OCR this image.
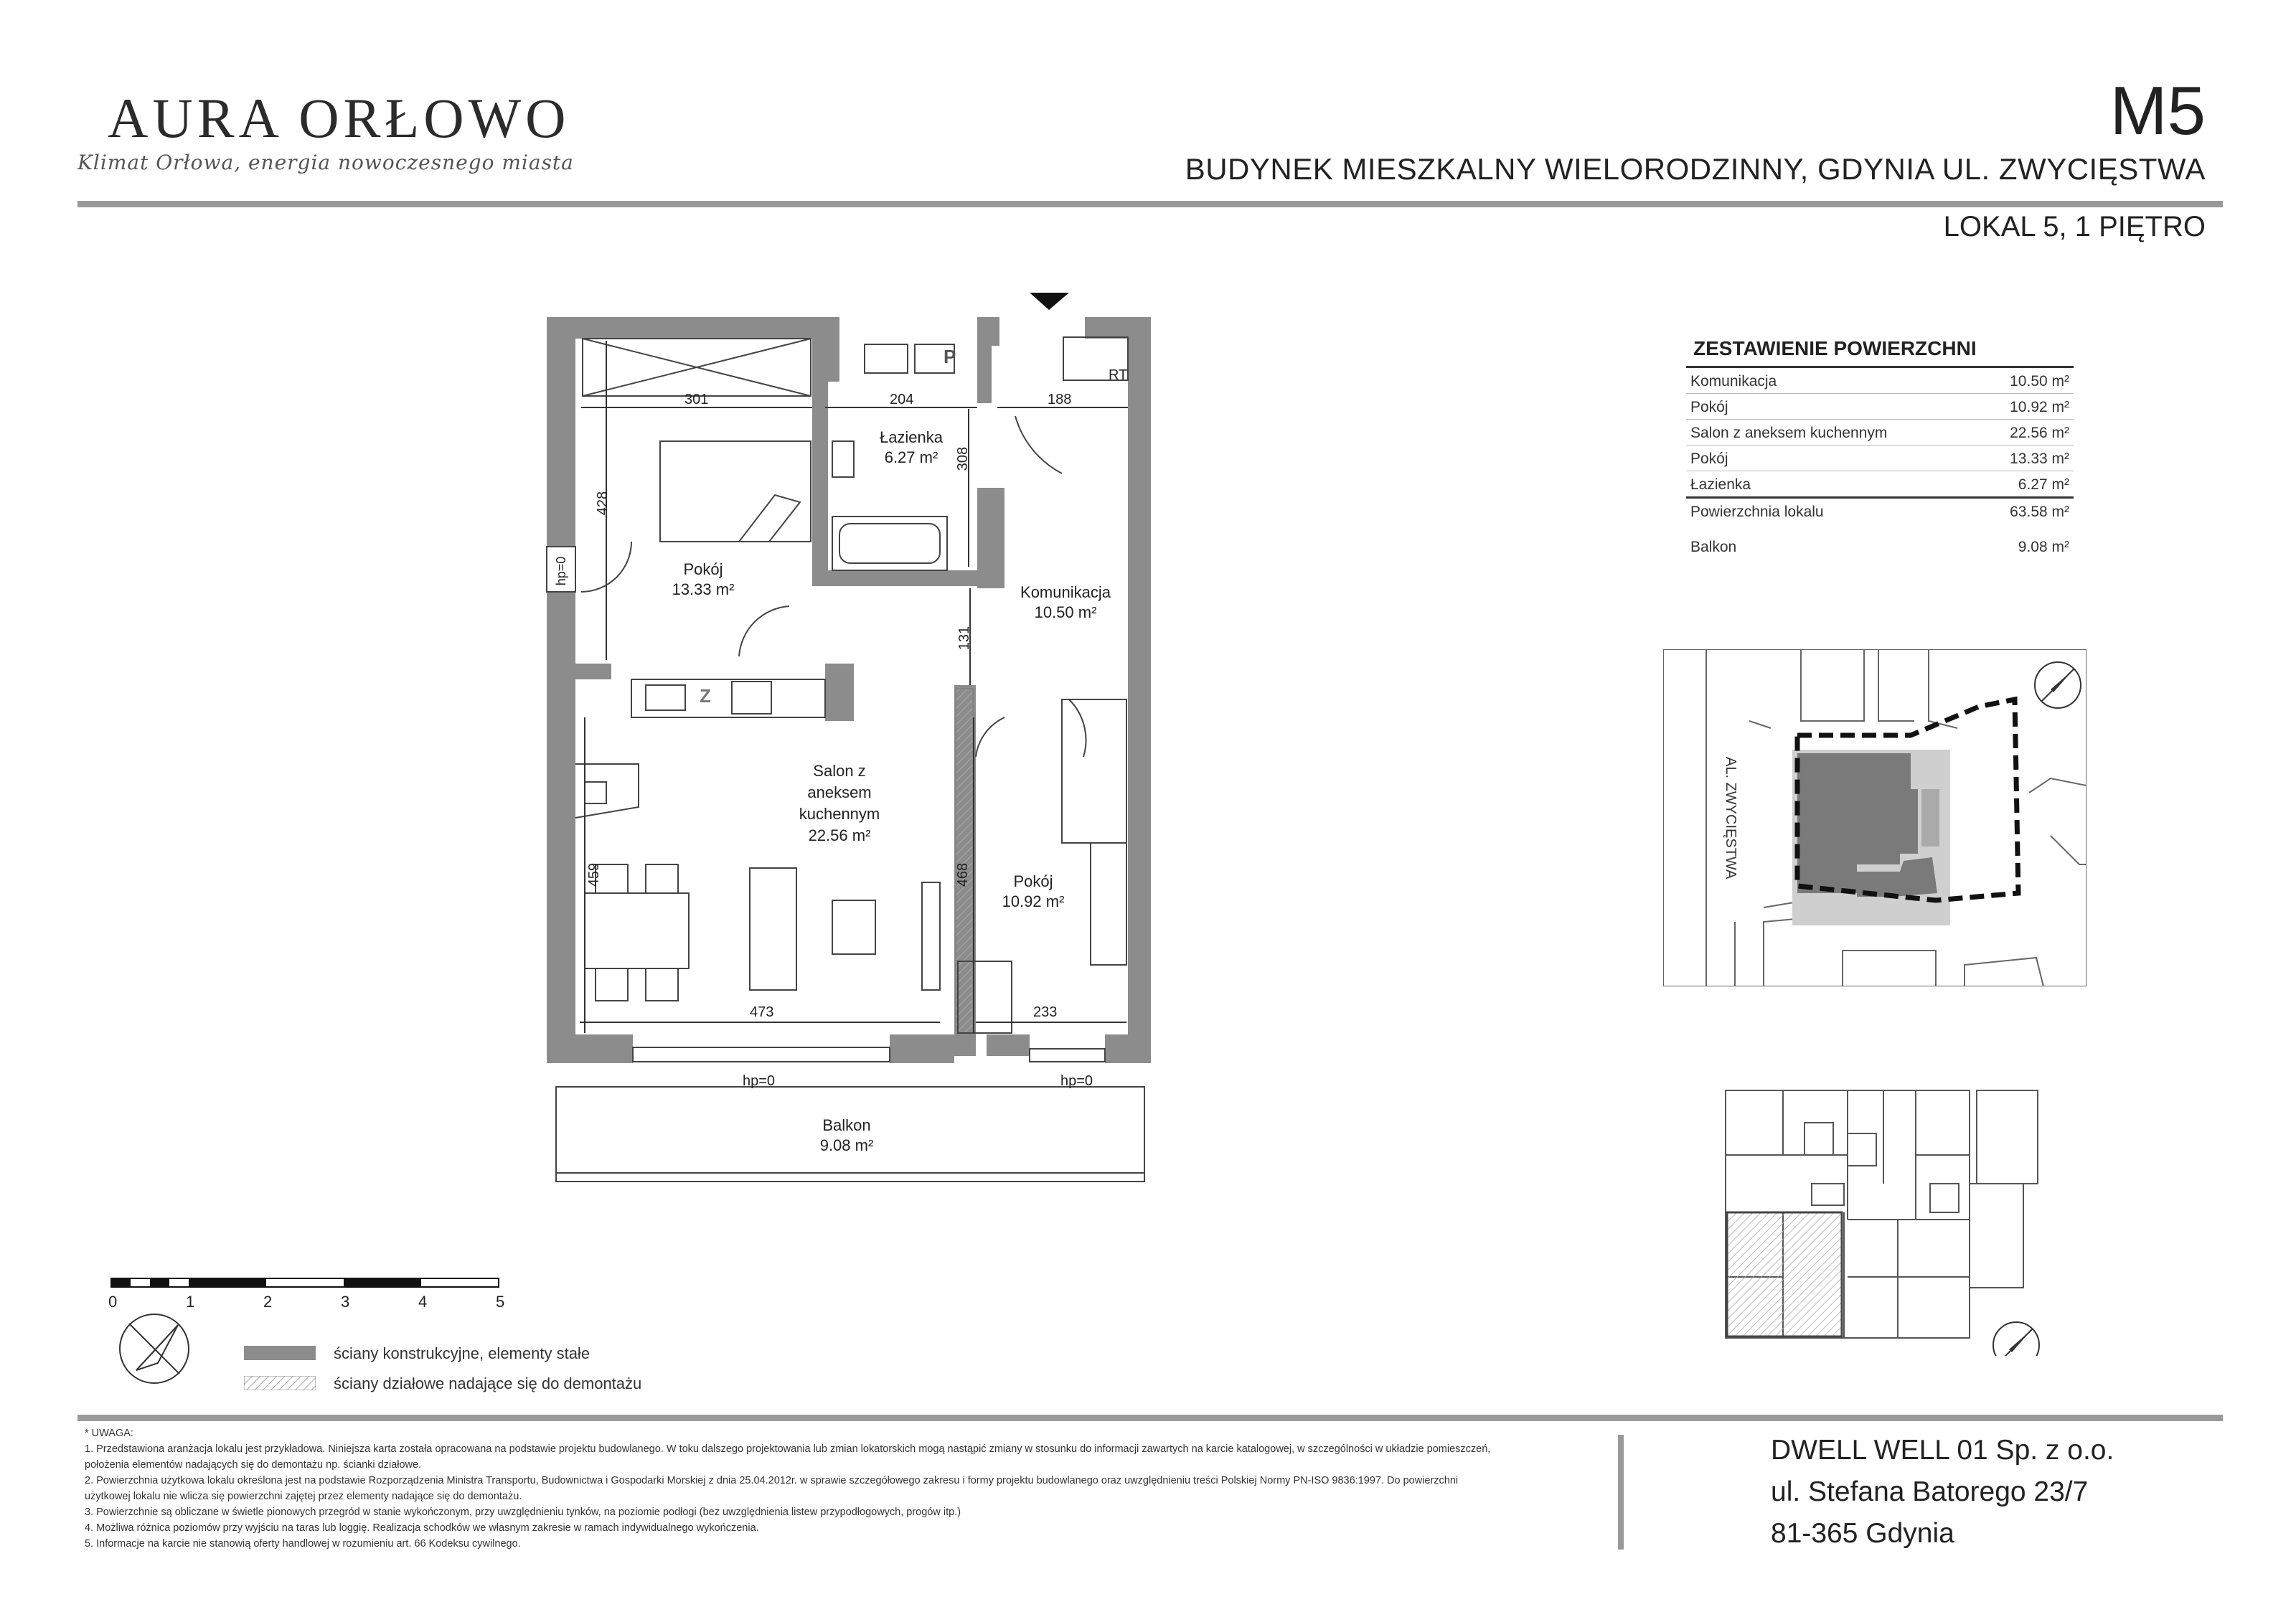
AURA ORŁOWO
Klimat Orłowa, energia nowoczesnego miasta
M5
BUDYNEK MIESZKALNY WIELORODZINNY, GDYNIA UL. ZWYCIĘSTWA
LOKAL 5, 1 PIĘTRO
301	204	188
RT
P
428
308
131
459	468
473	233
hp=0
hp=0	hp=0
Z
Pokój
13.33 m²
Łazienka
6.27 m²
Komunikacja
10.50 m²
Salon z
aneksem
kuchennym
22.56 m²
Pokój
10.92 m²
Balkon
9.08 m²
ZESTAWIENIE POWIERZCHNI
Komunikacja	10.50 m²
Pokój	10.92 m²
Salon z aneksem kuchennym	22.56 m²
Pokój	13.33 m²
Łazienka	6.27 m²
Powierzchnia lokalu	63.58 m²
Balkon	9.08 m²
AL. ZWYCIĘSTWA
0	1	2	3	4	5
ściany konstrukcyjne, elementy stałe
ściany działowe nadające się do demontażu

* UWAGA:

1. Przedstawiona aranżacja lokalu jest przykładowa. Niniejsza karta została opracowana na podstawie projektu budowlanego. W toku dalszego projektowania lub zmian lokatorskich mogą nastąpić zmiany w stosunku do informacji zawartych na karcie katalogowej, w szczególności w układzie pomieszczeń,

położenia elementów nadających się do demontażu np. ścianki działowe.

2. Powierzchnia użytkowa lokalu określona jest na podstawie Rozporządzenia Ministra Transportu, Budownictwa i Gospodarki Morskiej z dnia 25.04.2012r. w sprawie szczegółowego zakresu i formy projektu budowlanego oraz uwzględnieniu treści Polskiej Normy PN-ISO 9836:1997. Do powierzchni

użytkowej lokalu nie wlicza się powierzchni zajętej przez elementy nadające się do demontażu.

3. Powierzchnie są obliczane w świetle pionowych przegród w stanie wykończonym, przy uwzględnieniu tynków, na poziomie podłogi (bez uwzględnienia listew przypodłogowych, progów itp.)

4. Możliwa różnica poziomów przy wyjściu na taras lub loggię. Realizacja schodków we własnym zakresie w ramach indywidualnego wykończenia.

5. Informacje na karcie nie stanowią oferty handlowej w rozumieniu art. 66 Kodeksu cywilnego.

DWELL WELL 01 Sp. z o.o.
ul. Stefana Batorego 23/7
81-365 Gdynia
